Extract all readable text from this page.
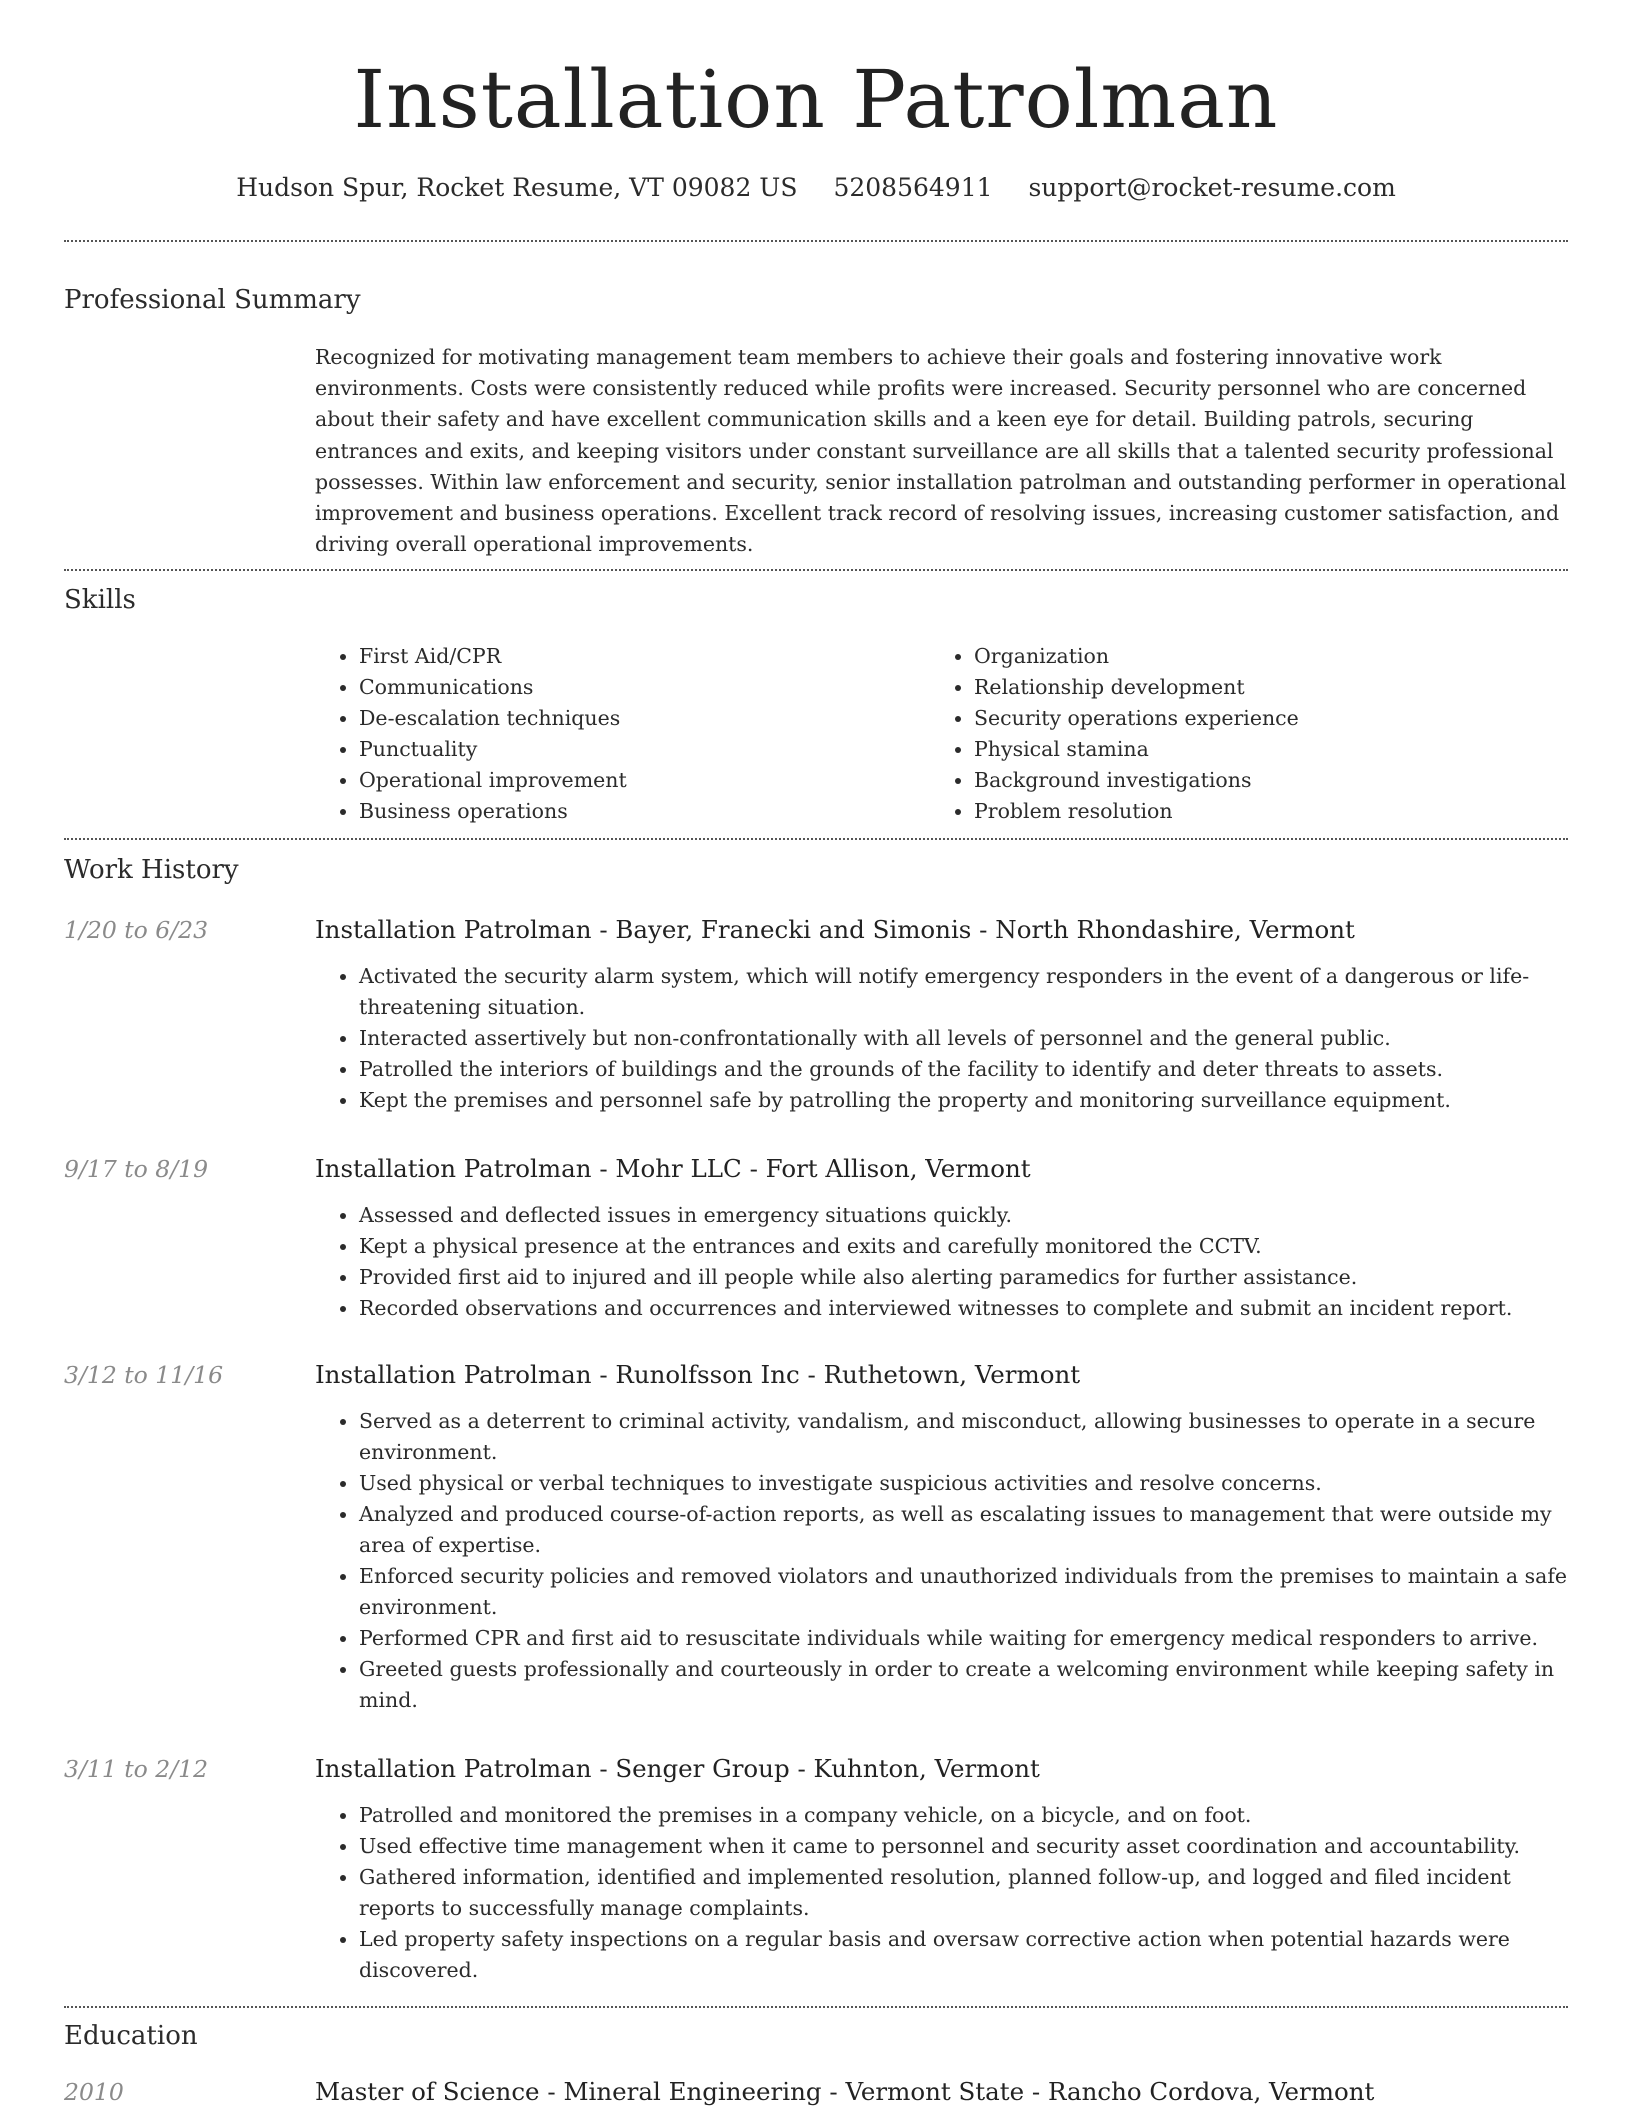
Installation Patrolman
Hudson Spur, Rocket Resume, VT 09082 US 5208564911 support@rocket-resume.com
Professional Summary

Recognized for motivating management team members to achieve their goals and fostering innovative work environments. Costs were consistently reduced while profits were increased. Security personnel who are concerned about their safety and have excellent communication skills and a keen eye for detail. Building patrols, securing entrances and exits, and keeping visitors under constant surveillance are all skills that a talented security professional possesses. Within law enforcement and security, senior installation patrolman and outstanding performer in operational improvement and business operations. Excellent track record of resolving issues, increasing customer satisfaction, and driving overall operational improvements.

Skills
• First Aid/CPR
• Communications
• De-escalation techniques
• Punctuality
• Operational improvement
• Business operations
• Organization
• Relationship development
• Security operations experience
• Physical stamina
• Background investigations
• Problem resolution
Work History
1/20 to 6/23	Installation Patrolman - Bayer, Franecki and Simonis - North Rhondashire, Vermont
• Activated the security alarm system, which will notify emergency responders in the event of a dangerous or life-threatening situation.
• Interacted assertively but non-confrontationally with all levels of personnel and the general public.
• Patrolled the interiors of buildings and the grounds of the facility to identify and deter threats to assets.
• Kept the premises and personnel safe by patrolling the property and monitoring surveillance equipment.
9/17 to 8/19	Installation Patrolman - Mohr LLC - Fort Allison, Vermont
• Assessed and deflected issues in emergency situations quickly.
• Kept a physical presence at the entrances and exits and carefully monitored the CCTV.
• Provided first aid to injured and ill people while also alerting paramedics for further assistance.
• Recorded observations and occurrences and interviewed witnesses to complete and submit an incident report.
3/12 to 11/16	Installation Patrolman - Runolfsson Inc - Ruthetown, Vermont
• Served as a deterrent to criminal activity, vandalism, and misconduct, allowing businesses to operate in a secure environment.
• Used physical or verbal techniques to investigate suspicious activities and resolve concerns.
• Analyzed and produced course-of-action reports, as well as escalating issues to management that were outside my area of expertise.
• Enforced security policies and removed violators and unauthorized individuals from the premises to maintain a safe environment.
• Performed CPR and first aid to resuscitate individuals while waiting for emergency medical responders to arrive.
• Greeted guests professionally and courteously in order to create a welcoming environment while keeping safety in mind.
3/11 to 2/12	Installation Patrolman - Senger Group - Kuhnton, Vermont
• Patrolled and monitored the premises in a company vehicle, on a bicycle, and on foot.
• Used effective time management when it came to personnel and security asset coordination and accountability.
• Gathered information, identified and implemented resolution, planned follow-up, and logged and filed incident reports to successfully manage complaints.
• Led property safety inspections on a regular basis and oversaw corrective action when potential hazards were discovered.
Education
2010	Master of Science - Mineral Engineering - Vermont State - Rancho Cordova, Vermont
